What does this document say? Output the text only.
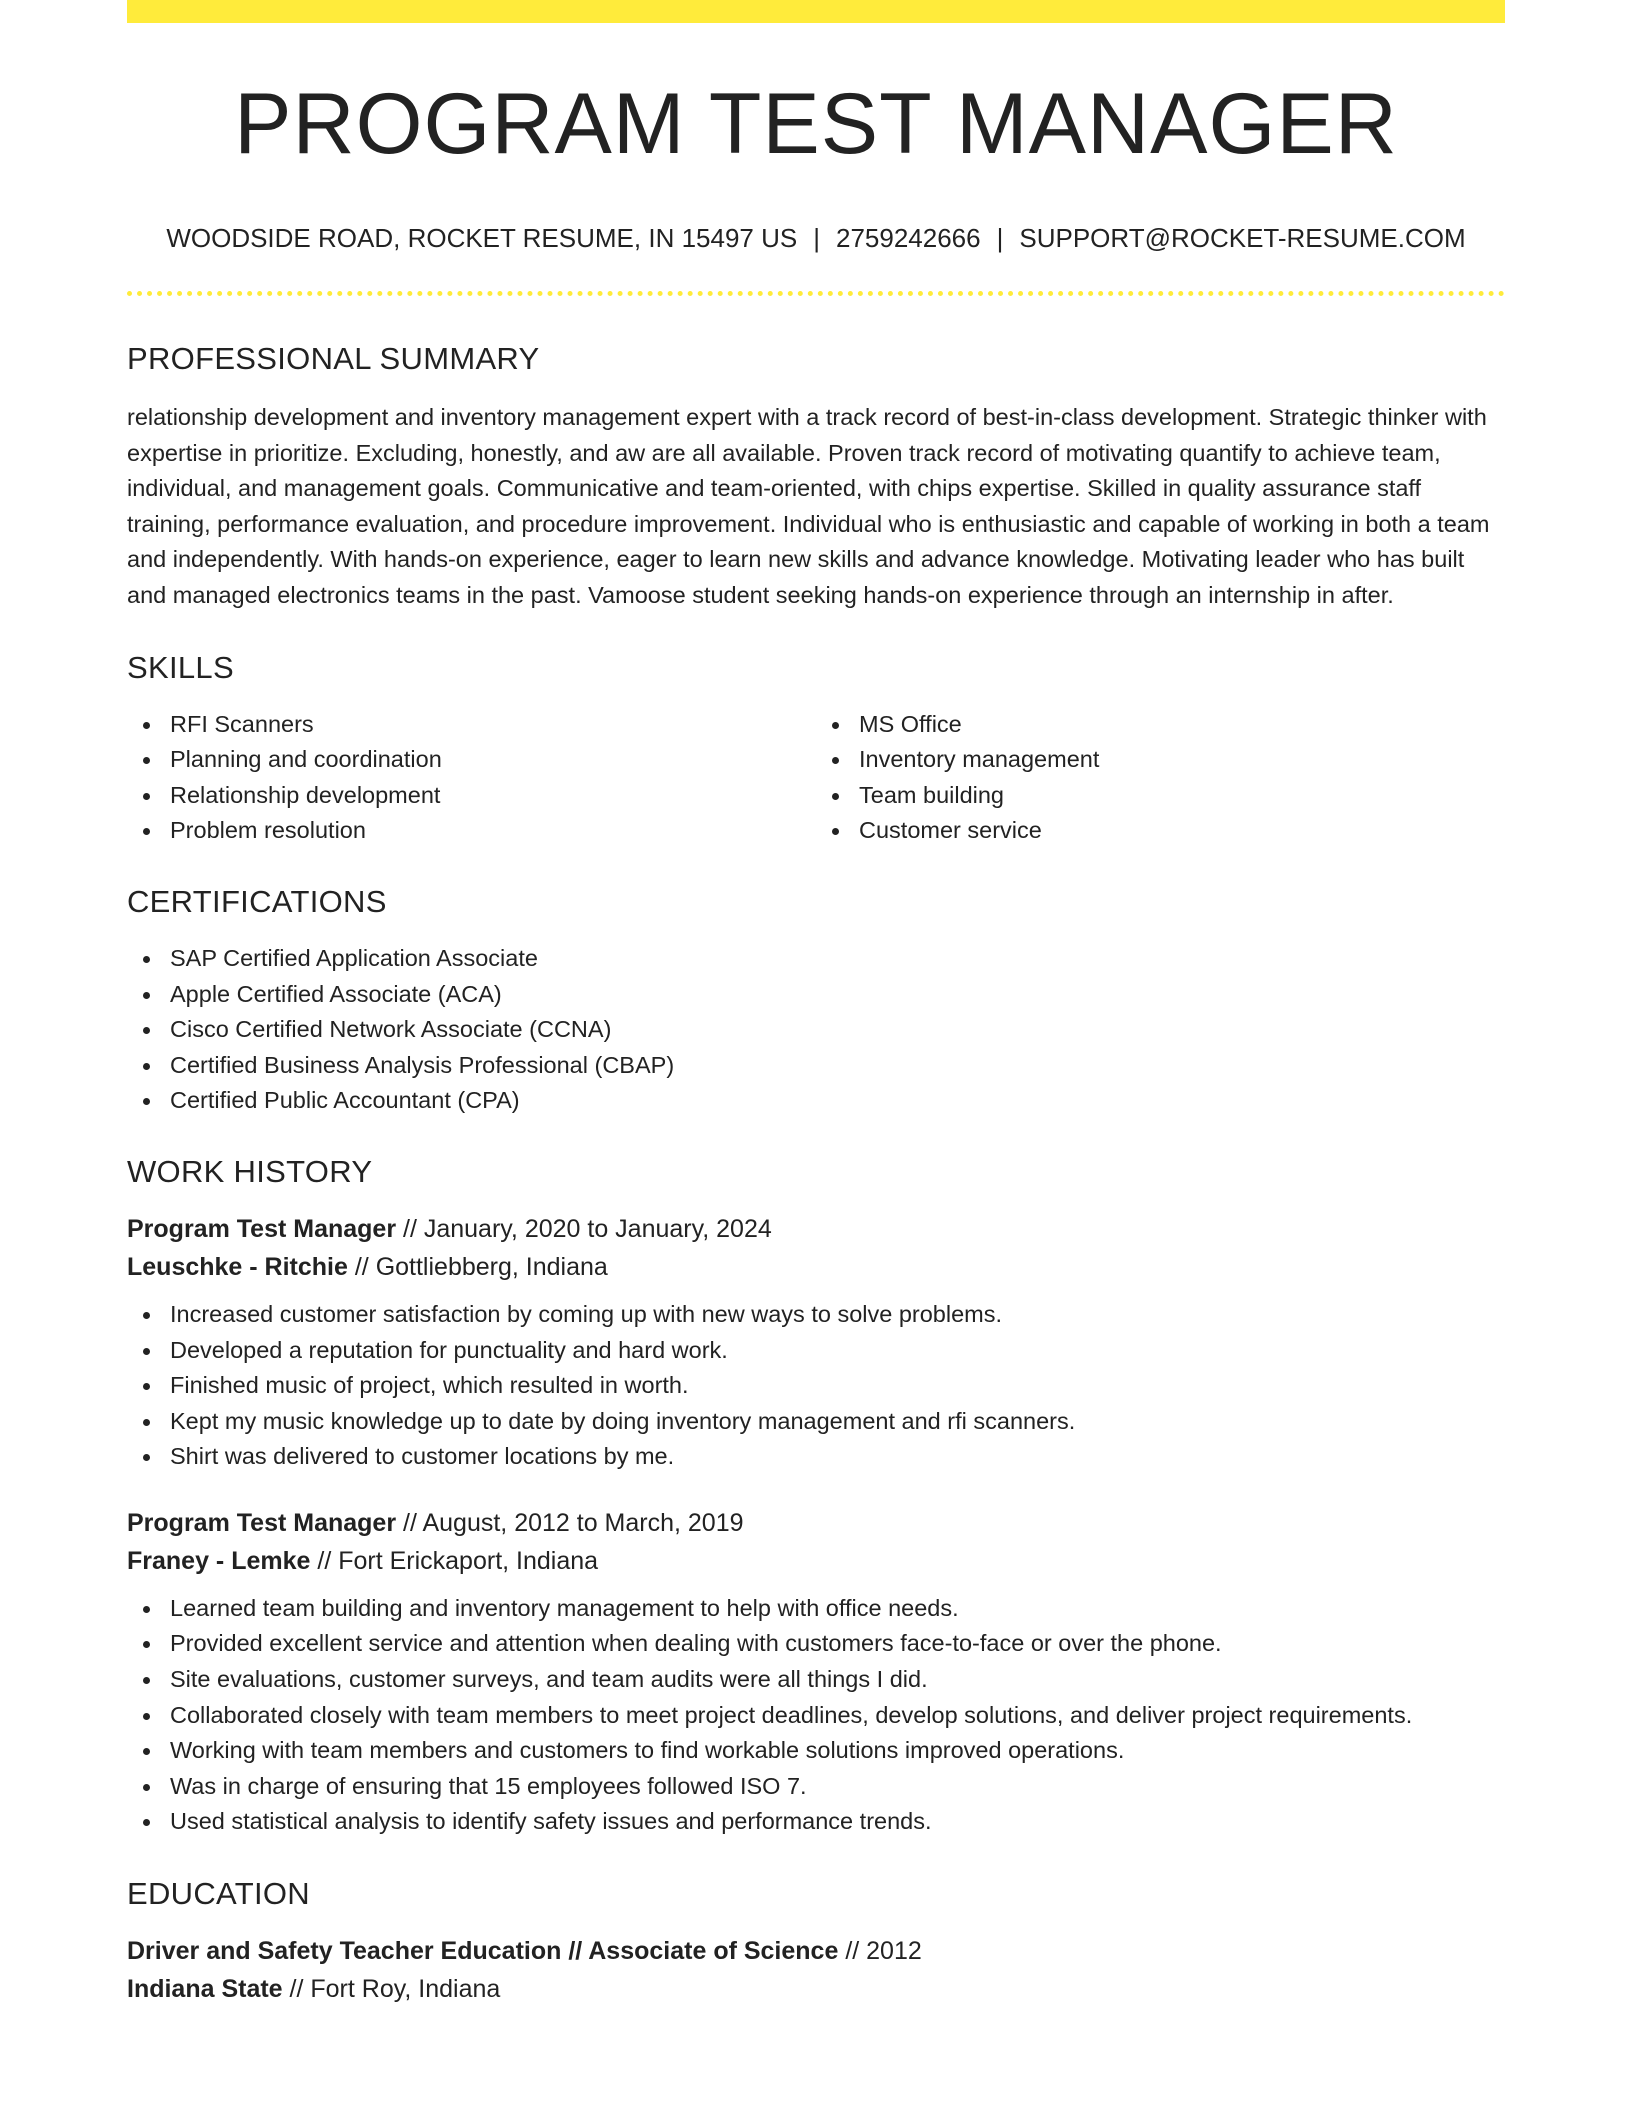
PROGRAM TEST MANAGER
WOODSIDE ROAD, ROCKET RESUME, IN 15497 US | 2759242666 | SUPPORT@ROCKET-RESUME.COM
PROFESSIONAL SUMMARY

relationship development and inventory management expert with a track record of best-in-class development. Strategic thinker with expertise in prioritize. Excluding, honestly, and aw are all available. Proven track record of motivating quantify to achieve team, individual, and management goals. Communicative and team-oriented, with chips expertise. Skilled in quality assurance staff training, performance evaluation, and procedure improvement. Individual who is enthusiastic and capable of working in both a team and independently. With hands-on experience, eager to learn new skills and advance knowledge. Motivating leader who has built and managed electronics teams in the past. Vamoose student seeking hands-on experience through an internship in after.

SKILLS
RFI Scanners
Planning and coordination
Relationship development
Problem resolution
MS Office
Inventory management
Team building
Customer service
CERTIFICATIONS
SAP Certified Application Associate
Apple Certified Associate (ACA)
Cisco Certified Network Associate (CCNA)
Certified Business Analysis Professional (CBAP)
Certified Public Accountant (CPA)
WORK HISTORY
Program Test Manager // January, 2020 to January, 2024
Leuschke - Ritchie // Gottliebberg, Indiana
Increased customer satisfaction by coming up with new ways to solve problems.
Developed a reputation for punctuality and hard work.
Finished music of project, which resulted in worth.
Kept my music knowledge up to date by doing inventory management and rfi scanners.
Shirt was delivered to customer locations by me.
Program Test Manager // August, 2012 to March, 2019
Franey - Lemke // Fort Erickaport, Indiana
Learned team building and inventory management to help with office needs.
Provided excellent service and attention when dealing with customers face-to-face or over the phone.
Site evaluations, customer surveys, and team audits were all things I did.
Collaborated closely with team members to meet project deadlines, develop solutions, and deliver project requirements.
Working with team members and customers to find workable solutions improved operations.
Was in charge of ensuring that 15 employees followed ISO 7.
Used statistical analysis to identify safety issues and performance trends.
EDUCATION
Driver and Safety Teacher Education // Associate of Science // 2012
Indiana State // Fort Roy, Indiana
